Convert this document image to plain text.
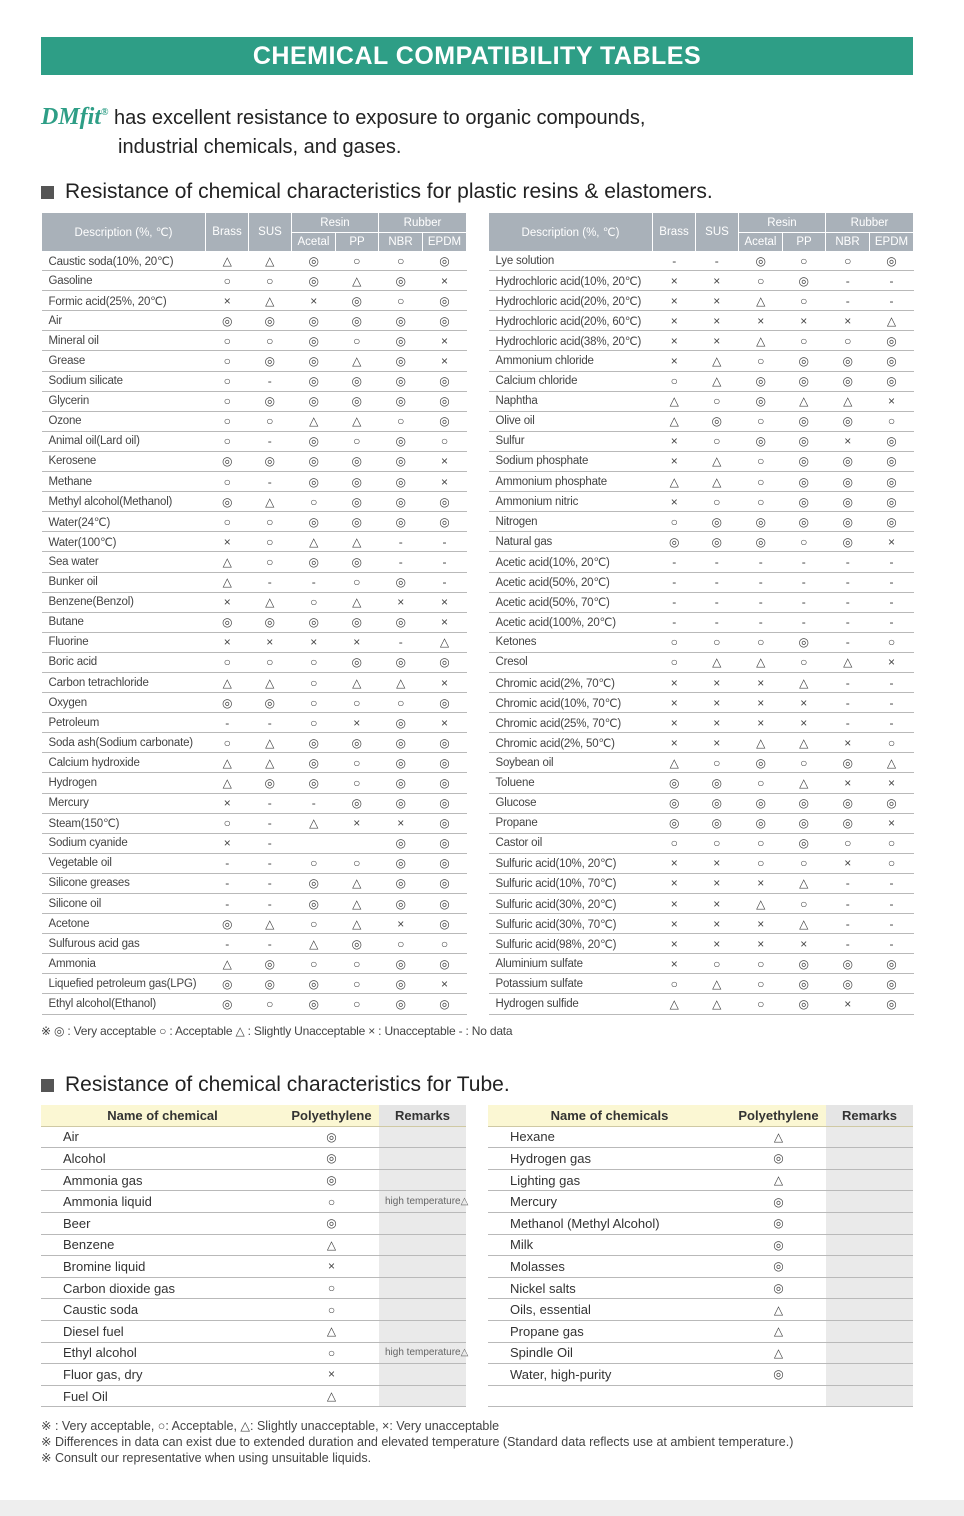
CHEMICAL COMPATIBILITY TABLES
DMfit® has excellent resistance to exposure to organic compounds,
industrial chemicals, and gases.
Resistance of chemical characteristics for plastic resins & elastomers.
Description (%, ℃)	Brass	SUS	Resin		Rubber	
			Acetal	PP	NBR	EPDM
Caustic soda(10%, 20℃)	△	△	◎	○	○	◎
Gasoline	○	○	◎	△	◎	×
Formic acid(25%, 20℃)	×	△	×	◎	○	◎
Air	◎	◎	◎	◎	◎	◎
Mineral oil	○	○	◎	○	◎	×
Grease	○	◎	◎	△	◎	×
Sodium silicate	○	-	◎	◎	◎	◎
Glycerin	○	◎	◎	◎	◎	◎
Ozone	○	○	△	△	○	◎
Animal oil(Lard oil)	○	-	◎	○	◎	○
Kerosene	◎	◎	◎	◎	◎	×
Methane	○	-	◎	◎	◎	×
Methyl alcohol(Methanol)	◎	△	○	◎	◎	◎
Water(24℃)	○	○	◎	◎	◎	◎
Water(100℃)	×	○	△	△	-	-
Sea water	△	○	◎	◎	-	-
Bunker oil	△	-	-	○	◎	-
Benzene(Benzol)	×	△	○	△	×	×
Butane	◎	◎	◎	◎	◎	×
Fluorine	×	×	×	×	-	△
Boric acid	○	○	○	◎	◎	◎
Carbon tetrachloride	△	△	○	△	△	×
Oxygen	◎	◎	○	○	○	◎
Petroleum	-	-	○	×	◎	×
Soda ash(Sodium carbonate)	○	△	◎	◎	◎	◎
Calcium hydroxide	△	△	◎	○	◎	◎
Hydrogen	△	◎	◎	○	◎	◎
Mercury	×	-	-	◎	◎	◎
Steam(150℃)	○	-	△	×	×	◎
Sodium cyanide	×	-			◎	◎
Vegetable oil	-	-	○	○	◎	◎
Silicone greases	-	-	◎	△	◎	◎
Silicone oil	-	-	◎	△	◎	◎
Acetone	◎	△	○	△	×	◎
Sulfurous acid gas	-	-	△	◎	○	○
Ammonia	△	◎	○	○	◎	◎
Liquefied petroleum gas(LPG)	◎	◎	◎	○	◎	×
Ethyl alcohol(Ethanol)	◎	○	◎	○	◎	◎
Description (%, ℃)	Brass	SUS	Resin		Rubber	
			Acetal	PP	NBR	EPDM
Lye solution	-	-	◎	○	○	◎
Hydrochloric acid(10%, 20℃)	×	×	○	◎	-	-
Hydrochloric acid(20%, 20℃)	×	×	△	○	-	-
Hydrochloric acid(20%, 60℃)	×	×	×	×	×	△
Hydrochloric acid(38%, 20℃)	×	×	△	○	○	◎
Ammonium chloride	×	△	○	◎	◎	◎
Calcium chloride	○	△	◎	◎	◎	◎
Naphtha	△	○	◎	△	△	×
Olive oil	△	◎	○	◎	◎	○
Sulfur	×	○	◎	◎	×	◎
Sodium phosphate	×	△	○	◎	◎	◎
Ammonium phosphate	△	△	○	◎	◎	◎
Ammonium nitric	×	○	○	◎	◎	◎
Nitrogen	○	◎	◎	◎	◎	◎
Natural gas	◎	◎	◎	○	◎	×
Acetic acid(10%, 20℃)	-	-	-	-	-	-
Acetic acid(50%, 20℃)	-	-	-	-	-	-
Acetic acid(50%, 70℃)	-	-	-	-	-	-
Acetic acid(100%, 20℃)	-	-	-	-	-	-
Ketones	○	○	○	◎	-	○
Cresol	○	△	△	○	△	×
Chromic acid(2%, 70℃)	×	×	×	△	-	-
Chromic acid(10%, 70℃)	×	×	×	×	-	-
Chromic acid(25%, 70℃)	×	×	×	×	-	-
Chromic acid(2%, 50℃)	×	×	△	△	×	○
Soybean oil	△	○	◎	○	◎	△
Toluene	◎	◎	○	△	×	×
Glucose	◎	◎	◎	◎	◎	◎
Propane	◎	◎	◎	◎	◎	×
Castor oil	○	○	○	◎	○	○
Sulfuric acid(10%, 20℃)	×	×	○	○	×	○
Sulfuric acid(10%, 70℃)	×	×	×	△	-	-
Sulfuric acid(30%, 20℃)	×	×	△	○	-	-
Sulfuric acid(30%, 70℃)	×	×	×	△	-	-
Sulfuric acid(98%, 20℃)	×	×	×	×	-	-
Aluminium sulfate	×	○	○	◎	◎	◎
Potassium sulfate	○	△	○	◎	◎	◎
Hydrogen sulfide	△	△	○	◎	×	◎
※ ◎ : Very acceptable ○ : Acceptable △ : Slightly Unacceptable × : Unacceptable - : No data
Resistance of chemical characteristics for Tube.
Name of chemical	Polyethylene	Remarks
Air	◎	
Alcohol	◎	
Ammonia gas	◎	
Ammonia liquid	○	high temperature△
Beer	◎	
Benzene	△	
Bromine liquid	×	
Carbon dioxide gas	○	
Caustic soda	○	
Diesel fuel	△	
Ethyl alcohol	○	high temperature△
Fluor gas, dry	×	
Fuel Oil	△	
Name of chemicals	Polyethylene	Remarks
Hexane	△	
Hydrogen gas	◎	
Lighting gas	△	
Mercury	◎	
Methanol (Methyl Alcohol)	◎	
Milk	◎	
Molasses	◎	
Nickel salts	◎	
Oils, essential	△	
Propane gas	△	
Spindle Oil	△	
Water, high-purity	◎	

※ : Very acceptable, ○: Acceptable, △: Slightly unacceptable, ×: Very unacceptable
※ Differences in data can exist due to extended duration and elevated temperature (Standard data reflects use at ambient temperature.)
※ Consult our representative when using unsuitable liquids.
